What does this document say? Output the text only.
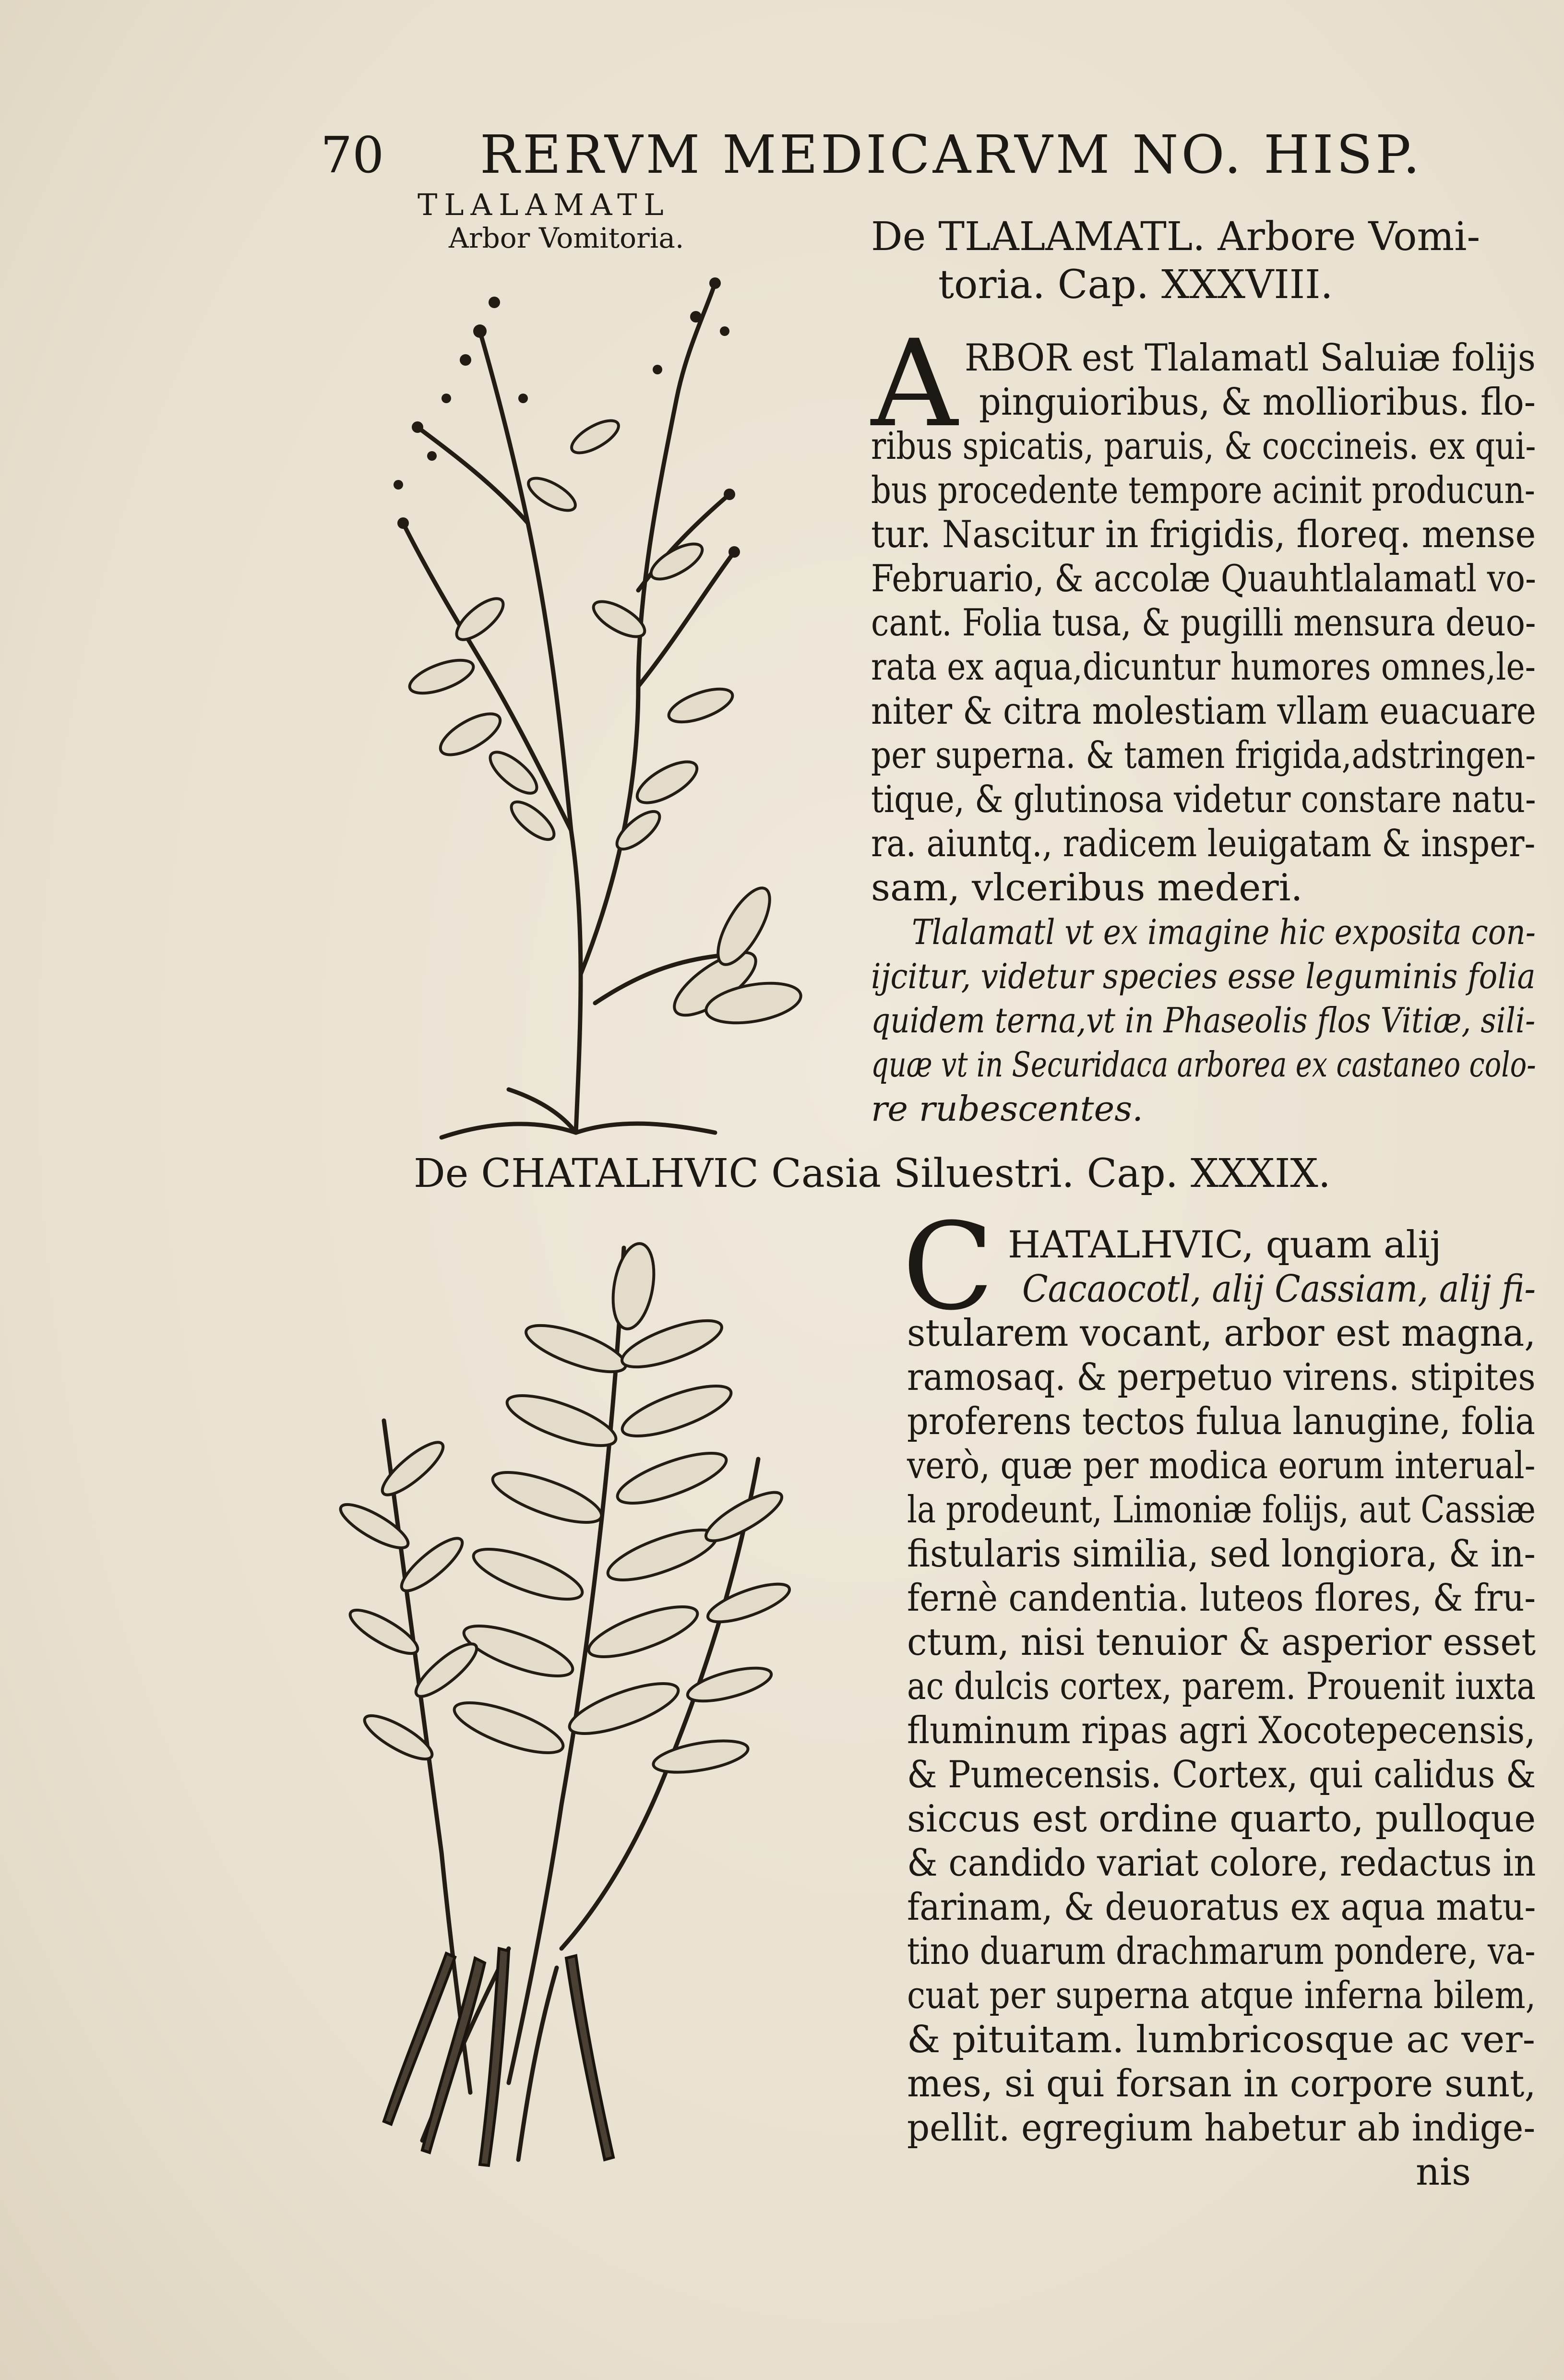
70 RERVM MEDICARVM NO. HISP.
TLALAMATL
Arbor Vomitoria.	De TLALAMATL. Arbore Vomi-
toria. Cap. XXXVIII.
A RBOR est Tlalamatl Saluiæ folijs
pinguioribus, & mollioribus. flo-
ribus spicatis, paruis, & coccineis. ex qui-
bus procedente tempore acinit producun-
tur. Nascitur in frigidis, floreq. mense
Februario, & accolæ Quauhtlalamatl vo-
cant. Folia tusa, & pugilli mensura deuo-
rata ex aqua,dicuntur humores omnes,le-
niter & citra molestiam vllam euacuare
per superna. & tamen frigida,adstringen-
tique, & glutinosa videtur constare natu-
ra. aiuntq., radicem leuigatam & insper-
sam, vlceribus mederi.
Tlalamatl vt ex imagine hic exposita con-
ijcitur, videtur species esse leguminis folia
quidem terna,vt in Phaseolis flos Vitiæ, sili-
quæ vt in Securidaca arborea ex castaneo colo-
re rubescentes.
De CHATALHVIC Casia Siluestri. Cap. XXXIX.
C HATALHVIC, quam alij
Cacaocotl, alij Cassiam, alij fi-
stularem vocant, arbor est magna,
ramosaq. & perpetuo virens. stipites
proferens tectos fulua lanugine, folia
verò, quæ per modica eorum interual-
la prodeunt, Limoniæ folijs, aut Cassiæ
fistularis similia, sed longiora, & in-
fernè candentia. luteos flores, & fru-
ctum, nisi tenuior & asperior esset
ac dulcis cortex, parem. Prouenit iuxta
fluminum ripas agri Xocotepecensis,
& Pumecensis. Cortex, qui calidus &
siccus est ordine quarto, pulloque
& candido variat colore, redactus in
farinam, & deuoratus ex aqua matu-
tino duarum drachmarum pondere, va-
cuat per superna atque inferna bilem,
& pituitam. lumbricosque ac ver-
mes, si qui forsan in corpore sunt,
pellit. egregium habetur ab indige-
nis
